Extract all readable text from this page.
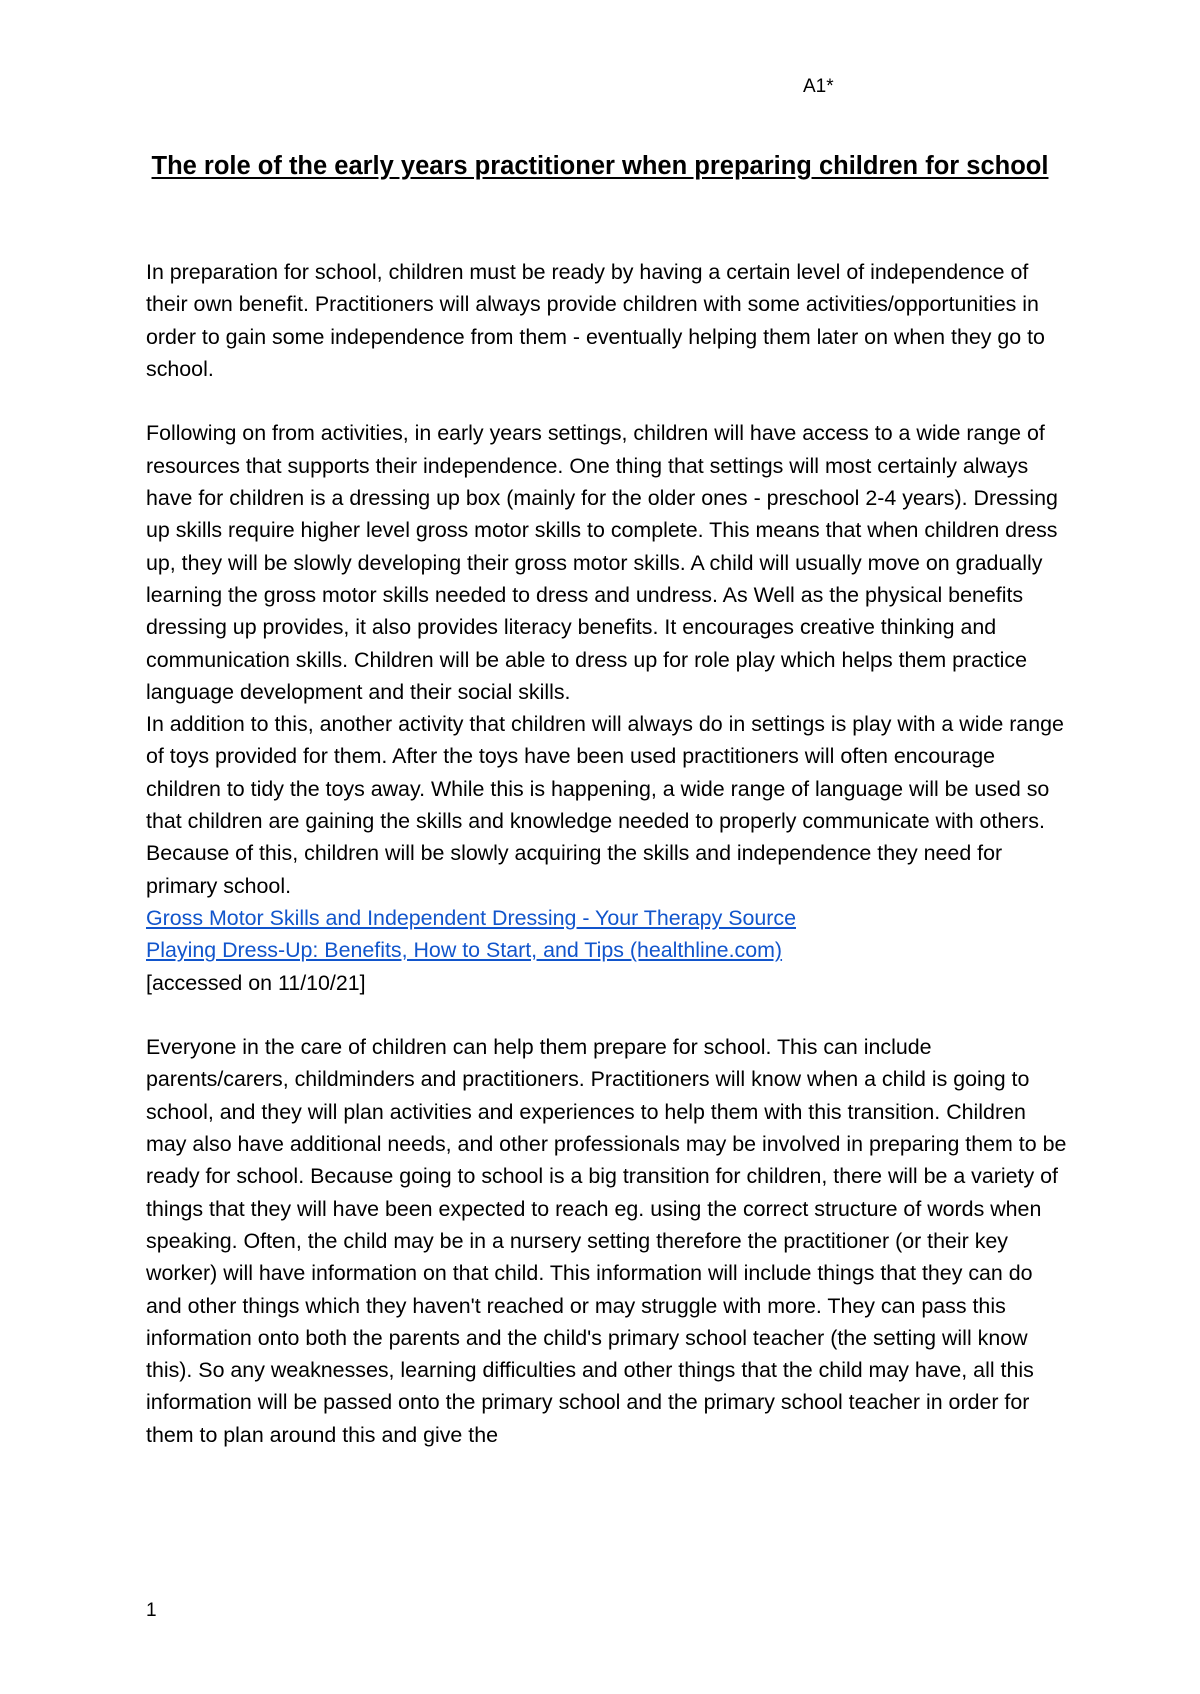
A1*
The role of the early years practitioner when preparing children for school

In preparation for school, children must be ready by having a certain level of independence of their own benefit. Practitioners will always provide children with some activities/opportunities in order to gain some independence from them - eventually helping them later on when they go to school.

Following on from activities, in early years settings, children will have access to a wide range of resources that supports their independence. One thing that settings will most certainly always have for children is a dressing up box (mainly for the older ones - preschool 2-4 years). Dressing up skills require higher level gross motor skills to complete. This means that when children dress up, they will be slowly developing their gross motor skills. A child will usually move on gradually learning the gross motor skills needed to dress and undress. As Well as the physical benefits dressing up provides, it also provides literacy benefits. It encourages creative thinking and communication skills. Children will be able to dress up for role play which helps them practice language development and their social skills.

In addition to this, another activity that children will always do in settings is play with a wide range of toys provided for them. After the toys have been used practitioners will often encourage children to tidy the toys away. While this is happening, a wide range of language will be used so that children are gaining the skills and knowledge needed to properly communicate with others. Because of this, children will be slowly acquiring the skills and independence they need for primary school.

Gross Motor Skills and Independent Dressing - Your Therapy Source
Playing Dress-Up: Benefits, How to Start, and Tips (healthline.com)

[accessed on 11/10/21]

Everyone in the care of children can help them prepare for school. This can include parents/carers, childminders and practitioners. Practitioners will know when a child is going to school, and they will plan activities and experiences to help them with this transition. Children may also have additional needs, and other professionals may be involved in preparing them to be ready for school. Because going to school is a big transition for children, there will be a variety of things that they will have been expected to reach eg. using the correct structure of words when speaking. Often, the child may be in a nursery setting therefore the practitioner (or their key worker) will have information on that child. This information will include things that they can do and other things which they haven't reached or may struggle with more. They can pass this information onto both the parents and the child's primary school teacher (the setting will know this). So any weaknesses, learning difficulties and other things that the child may have, all this information will be passed onto the primary school and the primary school teacher in order for them to plan around this and give the

1
